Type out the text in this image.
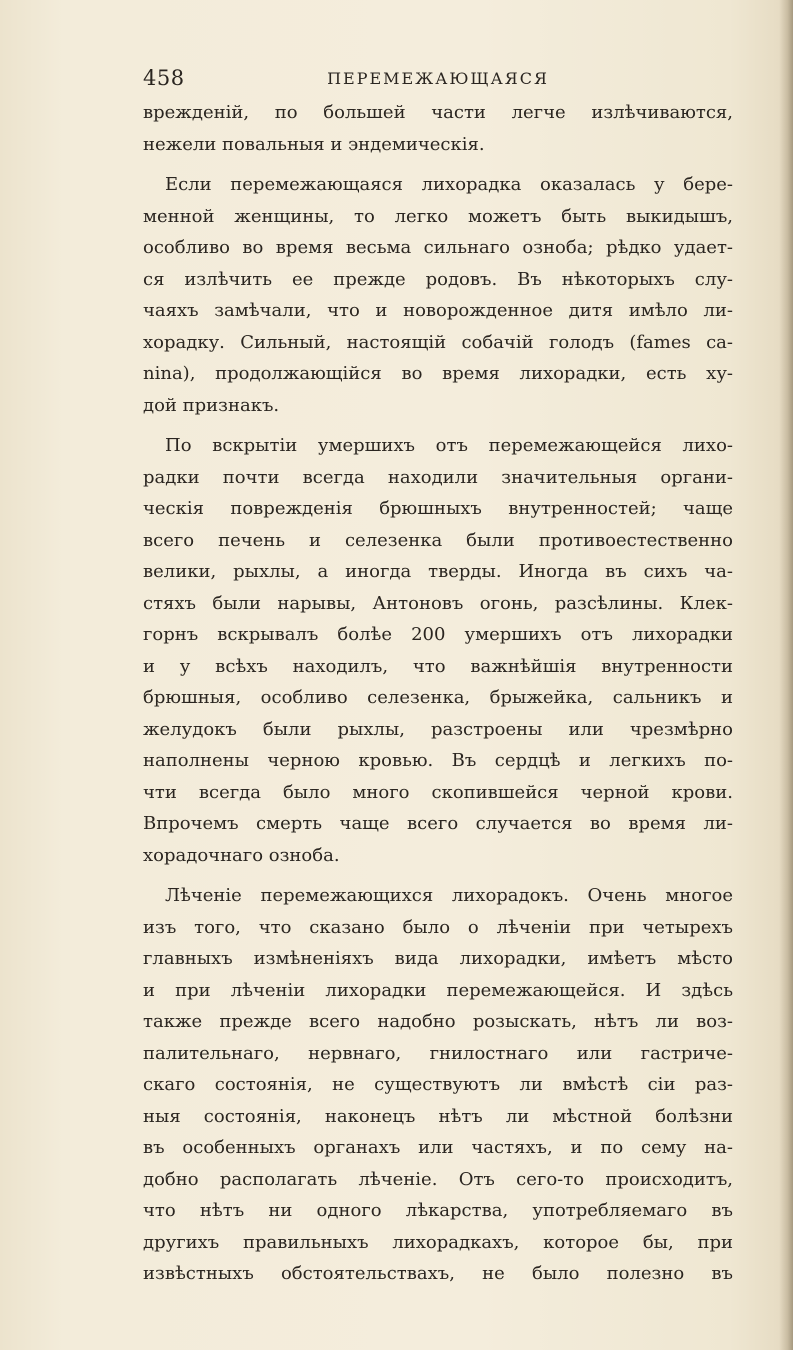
458	ПЕРЕМЕЖАЮЩАЯСЯ
врежденій, по большей части легче излѣчиваются,
нежели повальныя и эндемическія.
Если перемежающаяся лихорадка оказалась у бере-
менной женщины, то легко можетъ быть выкидышъ,
особливо во время весьма сильнаго озноба; рѣдко удает-
ся излѣчить ее прежде родовъ. Въ нѣкоторыхъ слу-
чаяхъ замѣчали, что и новорожденное дитя имѣло ли-
хорадку. Сильный, настоящій собачій голодъ (fames ca-
nina), продолжающійся во время лихорадки, есть ху-
дой признакъ.
По вскрытіи умершихъ отъ перемежающейся лихо-
радки почти всегда находили значительныя органи-
ческія поврежденія брюшныхъ внутренностей; чаще
всего печень и селезенка были противоестественно
велики, рыхлы, а иногда тверды. Иногда въ сихъ ча-
стяхъ были нарывы, Антоновъ огонь, разсѣлины. Клек-
горнъ вскрывалъ болѣе 200 умершихъ отъ лихорадки
и у всѣхъ находилъ, что важнѣйшія внутренности
брюшныя, особливо селезенка, брыжейка, сальникъ и
желудокъ были рыхлы, разстроены или чрезмѣрно
наполнены черною кровью. Въ сердцѣ и легкихъ по-
чти всегда было много скопившейся черной крови.
Впрочемъ смерть чаще всего случается во время ли-
хорадочнаго озноба.
Лѣченіе перемежающихся лихорадокъ. Очень многое
изъ того, что сказано было о лѣченіи при четырехъ
главныхъ измѣненіяхъ вида лихорадки, имѣетъ мѣсто
и при лѣченіи лихорадки перемежающейся. И здѣсь
также прежде всего надобно розыскать, нѣтъ ли воз-
палительнаго, нервнаго, гнилостнаго или гастриче-
скаго состоянія, не существуютъ ли вмѣстѣ сіи раз-
ныя состоянія, наконецъ нѣтъ ли мѣстной болѣзни
въ особенныхъ органахъ или частяхъ, и по сему на-
добно располагать лѣченіе. Отъ сего-то происходитъ,
что нѣтъ ни одного лѣкарства, употребляемаго въ
другихъ правильныхъ лихорадкахъ, которое бы, при
извѣстныхъ обстоятельствахъ, не было полезно въ
